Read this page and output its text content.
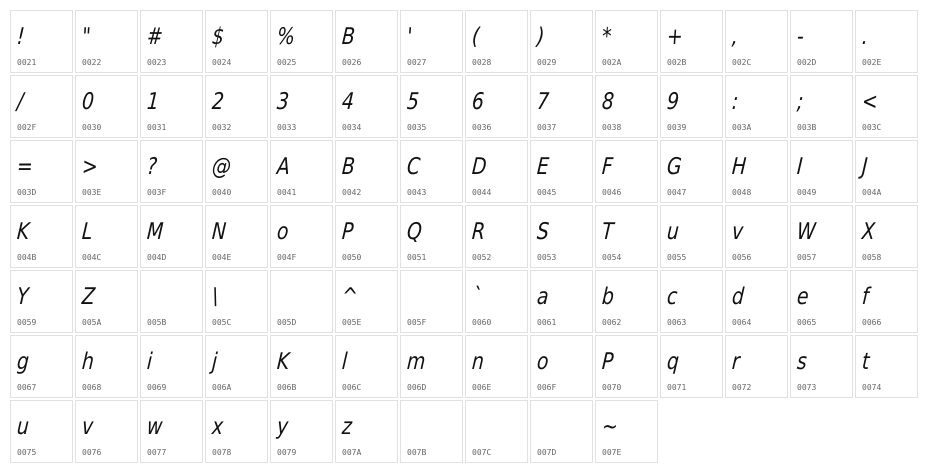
!
0021
"
0022
#
0023
$
0024
%
0025
B
0026
'
0027
(
0028
)
0029
*
002A
+
002B
,
002C
-
002D
.
002E
/
002F
0
0030
1
0031
2
0032
3
0033
4
0034
5
0035
6
0036
7
0037
8
0038
9
0039
:
003A
;
003B
<
003C
=
003D
>
003E
?
003F
@
0040
A
0041
B
0042
C
0043
D
0044
E
0045
F
0046
G
0047
H
0048
I
0049
J
004A
K
004B
L
004C
M
004D
N
004E
o
004F
P
0050
Q
0051
R
0052
S
0053
T
0054
u
0055
v
0056
W
0057
X
0058
Y
0059
Z
005A	005B
\
005C	005D
^
005E	005F
`
0060
a
0061
b
0062
c
0063
d
0064
e
0065
f
0066
g
0067
h
0068
i
0069
j
006A
K
006B
l
006C
m
006D
n
006E
o
006F
P
0070
q
0071
r
0072
s
0073
t
0074
u
0075
v
0076
w
0077
x
0078
y
0079
z
007A	007B	007C	007D
~
007E
